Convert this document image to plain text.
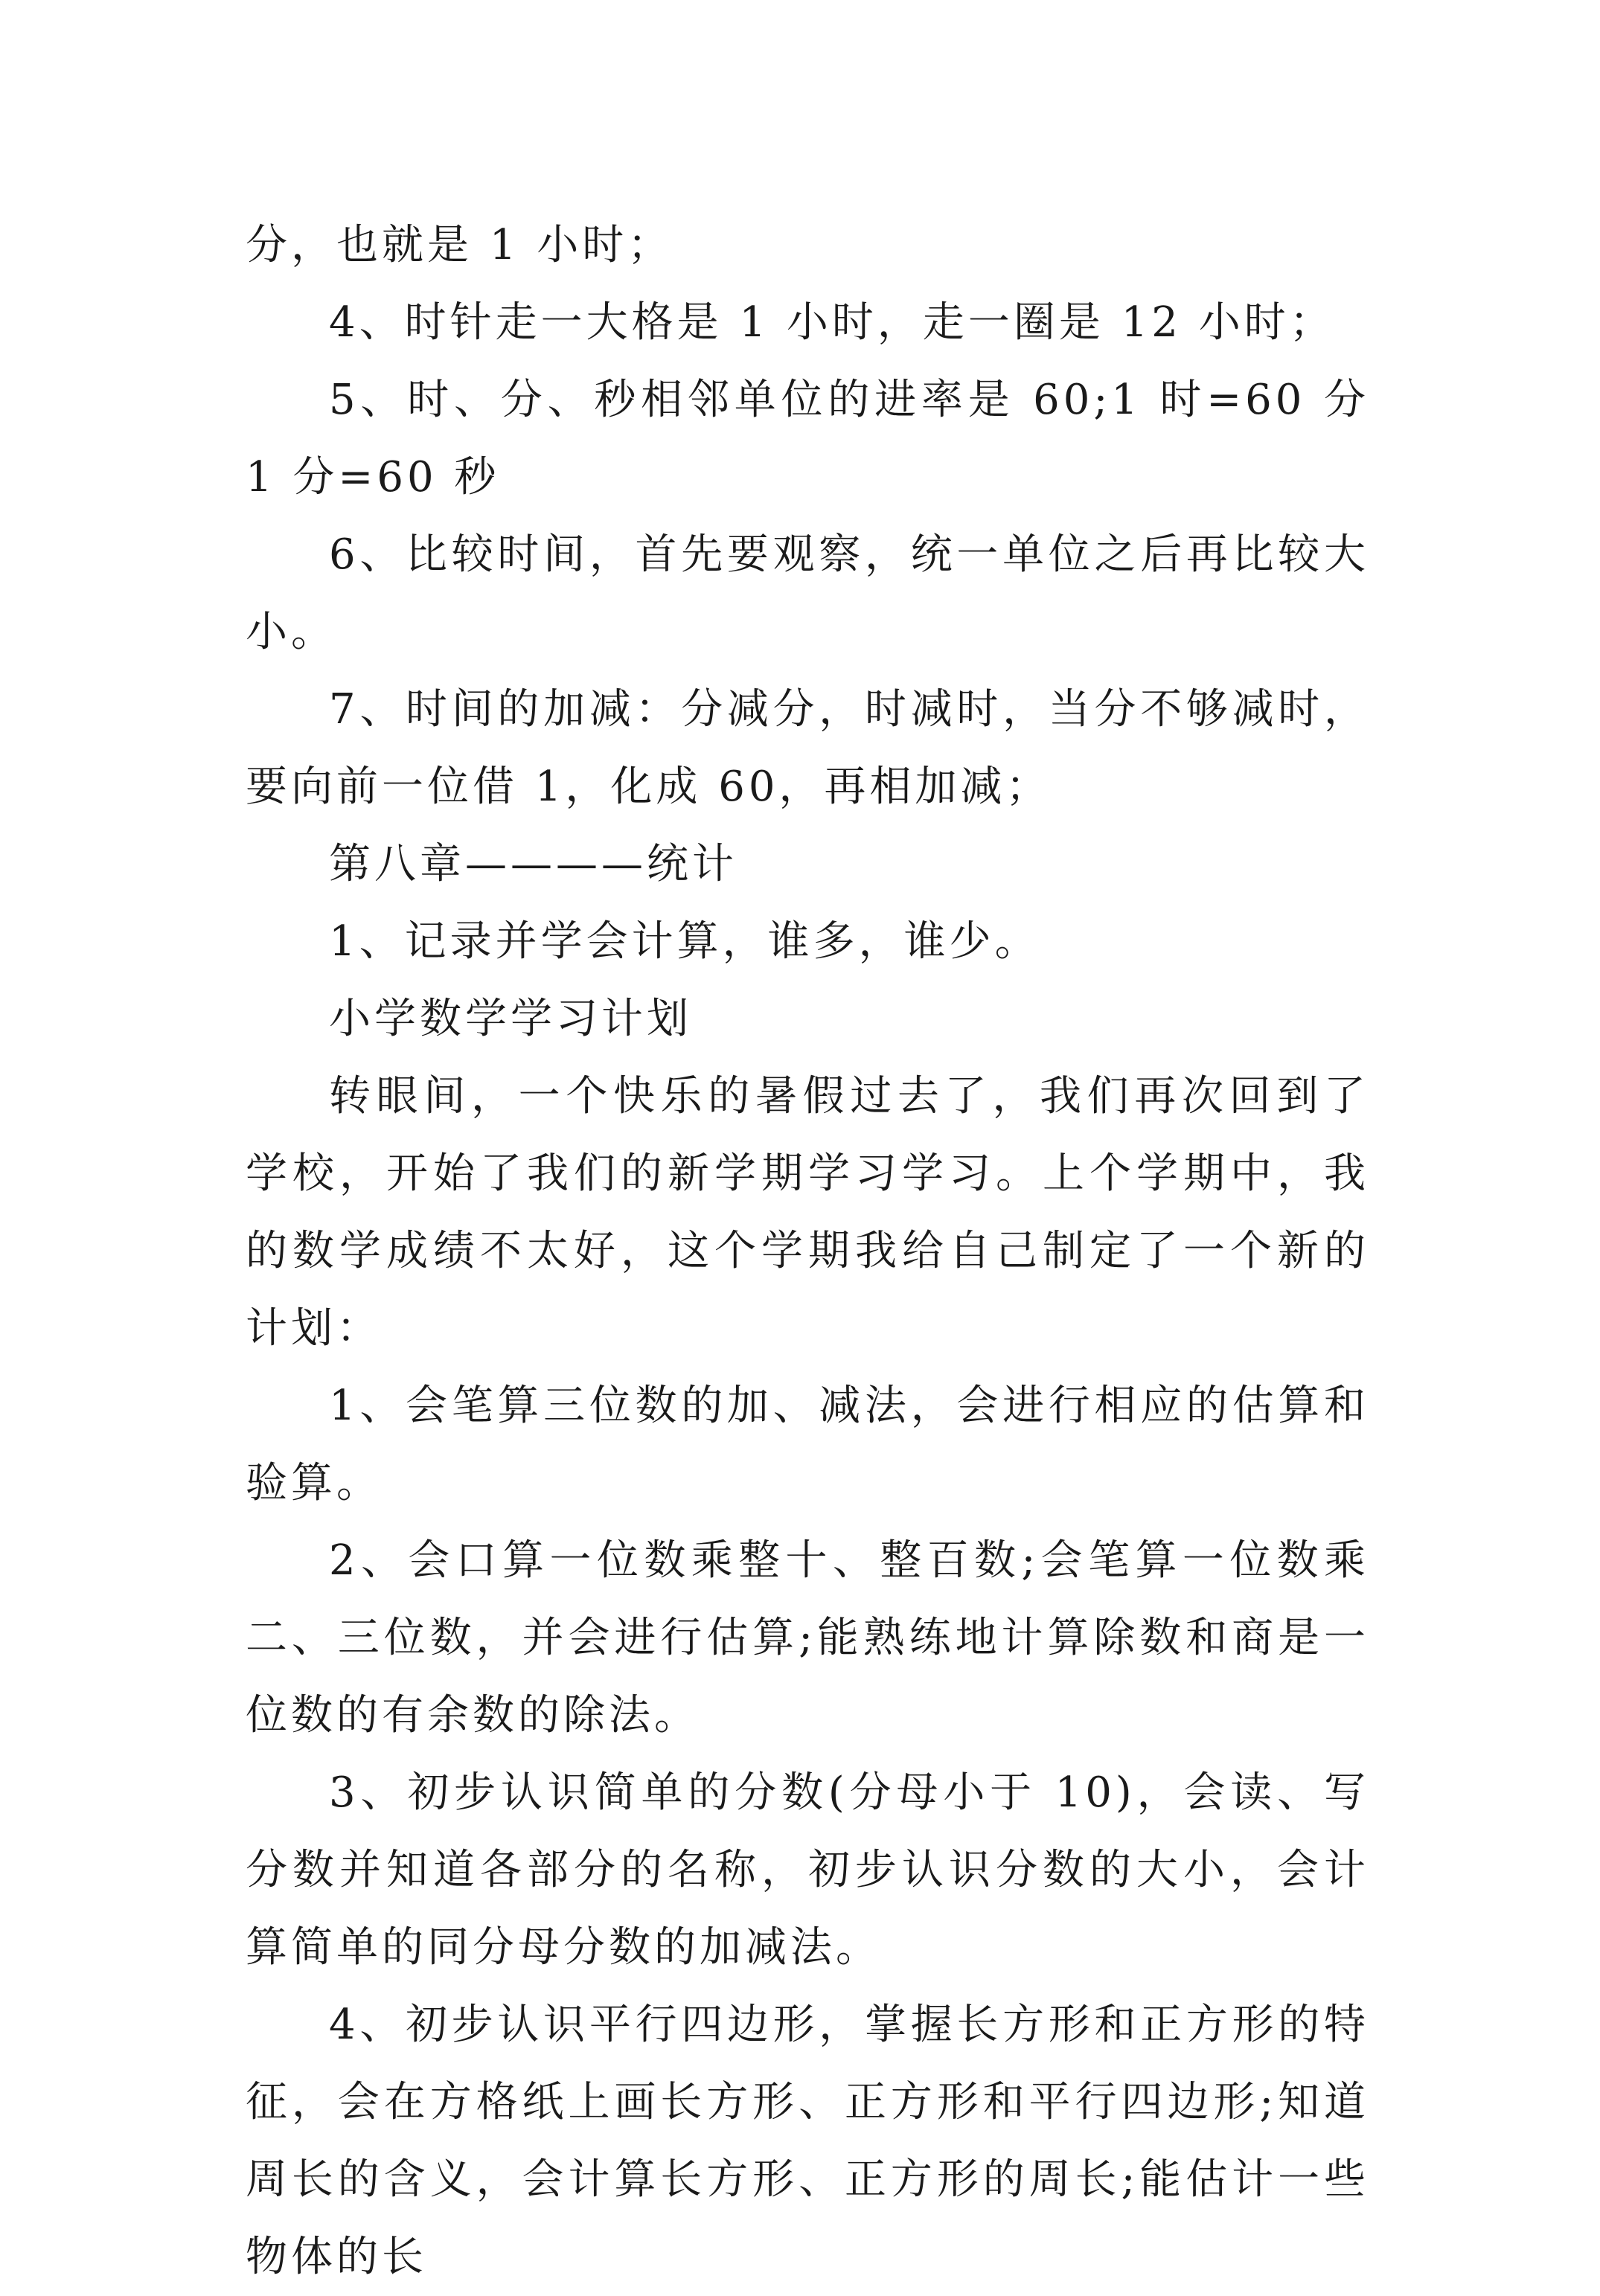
分，也就是 1 小时；

4、时针走一大格是 1 小时，走一圈是 12 小时；

5、时、分、秒相邻单位的进率是 60;1 时=60 分 1 分=60 秒

6、比较时间，首先要观察，统一单位之后再比较大小。

7、时间的加减：分减分，时减时，当分不够减时，要向前一位借 1，化成 60，再相加减；

第八章————统计

1、记录并学会计算，谁多，谁少。

小学数学学习计划

转眼间，一个快乐的暑假过去了，我们再次回到了学校，开始了我们的新学期学习学习。上个学期中，我的数学成绩不太好，这个学期我给自己制定了一个新的计划：

1、会笔算三位数的加、减法，会进行相应的估算和验算。

2、会口算一位数乘整十、整百数;会笔算一位数乘二、三位数，并会进行估算;能熟练地计算除数和商是一位数的有余数的除法。

3、初步认识简单的分数(分母小于 10)，会读、写分数并知道各部分的名称，初步认识分数的大小，会计算简单的同分母分数的加减法。

4、初步认识平行四边形，掌握长方形和正方形的特征，会在方格纸上画长方形、正方形和平行四边形;知道周长的含义，会计算长方形、正方形的周长;能估计一些物体的长
